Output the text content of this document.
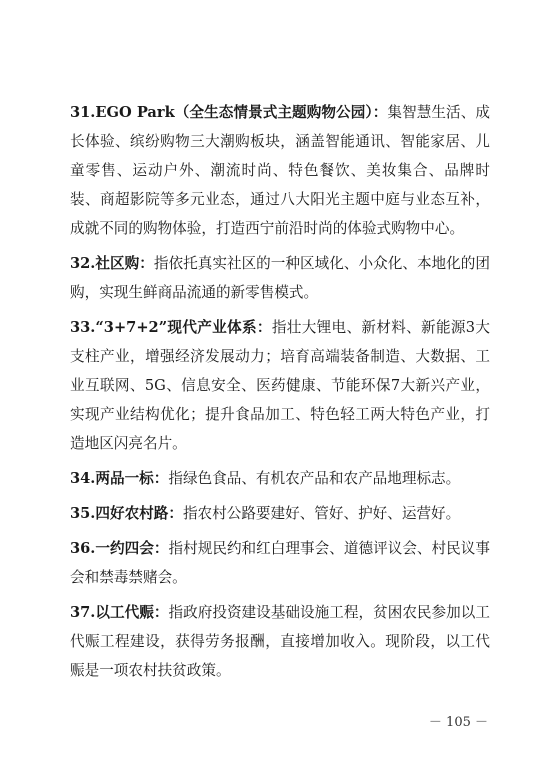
31.EGO Park（全生态情景式主题购物公园）：集智慧生活、成长体验、缤纷购物三大潮购板块，涵盖智能通讯、智能家居、儿童零售、运动户外、潮流时尚、特色餐饮、美妆集合、品牌时装、商超影院等多元业态，通过八大阳光主题中庭与业态互补，成就不同的购物体验，打造西宁前沿时尚的体验式购物中心。

32.社区购：指依托真实社区的一种区域化、小众化、本地化的团购，实现生鲜商品流通的新零售模式。

33.“3+7+2”现代产业体系：指壮大锂电、新材料、新能源3大支柱产业，增强经济发展动力；培育高端装备制造、大数据、工业互联网、5G、信息安全、医药健康、节能环保7大新兴产业，实现产业结构优化；提升食品加工、特色轻工两大特色产业，打造地区闪亮名片。

34.两品一标：指绿色食品、有机农产品和农产品地理标志。

35.四好农村路：指农村公路要建好、管好、护好、运营好。

36.一约四会：指村规民约和红白理事会、道德评议会、村民议事会和禁毒禁赌会。

37.以工代赈：指政府投资建设基础设施工程，贫困农民参加以工代赈工程建设，获得劳务报酬，直接增加收入。现阶段，以工代赈是一项农村扶贫政策。

－ 105 －
